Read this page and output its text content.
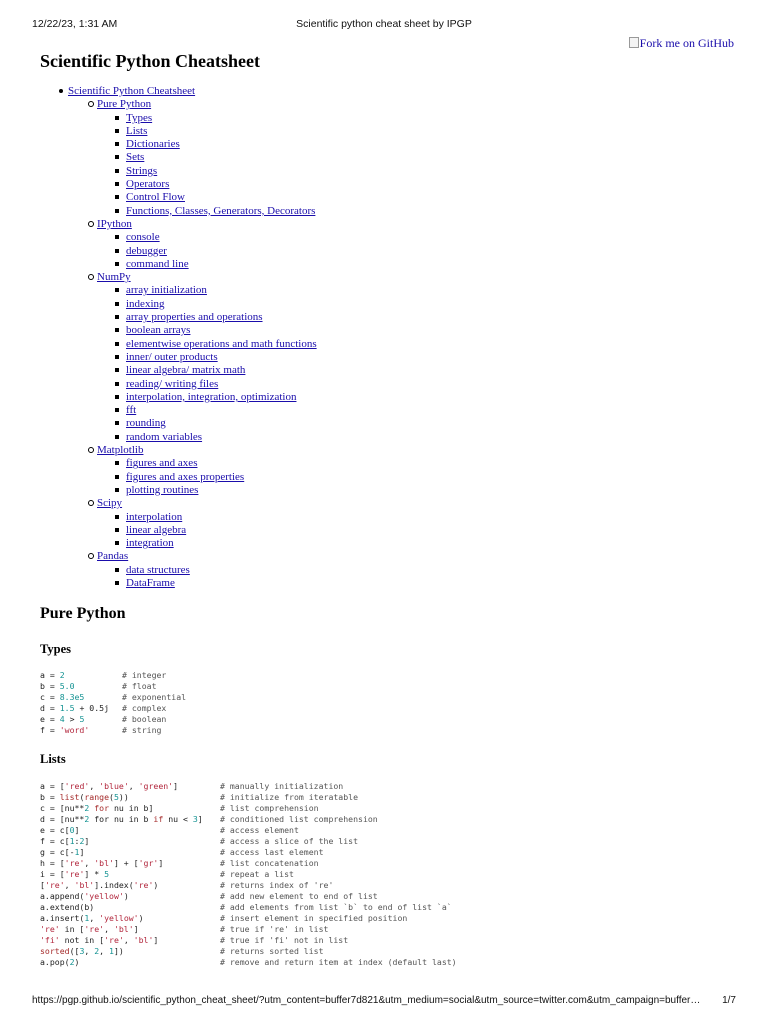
12/22/23, 1:31 AM	Scientific python cheat sheet by IPGP
Fork me on GitHub
Scientific Python Cheatsheet
Scientific Python Cheatsheet
Pure Python
Types
Lists
Dictionaries
Sets
Strings
Operators
Control Flow
Functions, Classes, Generators, Decorators
IPython
console
debugger
command line
NumPy
array initialization
indexing
array properties and operations
boolean arrays
elementwise operations and math functions
inner/ outer products
linear algebra/ matrix math
reading/ writing files
interpolation, integration, optimization
fft
rounding
random variables
Matplotlib
figures and axes
figures and axes properties
plotting routines
Scipy
interpolation
linear algebra
integration
Pandas
data structures
DataFrame
Pure Python
Types
a = 2	# integer
b = 5.0	# float
c = 8.3e5	# exponential
d = 1.5 + 0.5j # complex
e = 4 > 5	# boolean
f = 'word'	# string
Lists
a = ['red', 'blue', 'green']	# manually initialization
b = list(range(5))	# initialize from iteratable
c = [nu**2 for nu in b]	# list comprehension
d = [nu**2 for nu in b if nu < 3] # conditioned list comprehension
e = c[0]	# access element
f = c[1:2]	# access a slice of the list
g = c[-1]	# access last element
h = ['re', 'bl'] + ['gr']	# list concatenation
i = ['re'] * 5	# repeat a list
['re', 'bl'].index('re')	# returns index of 're'
a.append('yellow')	# add new element to end of list
a.extend(b)	# add elements from list `b` to end of list `a`
a.insert(1, 'yellow')	# insert element in specified position
're' in ['re', 'bl']	# true if 're' in list
'fi' not in ['re', 'bl']	# true if 'fi' not in list
sorted([3, 2, 1])	# returns sorted list
a.pop(2)	# remove and return item at index (default last)
https://pgp.github.io/scientific_python_cheat_sheet/?utm_content=buffer7d821&utm_medium=social&utm_source=twitter.com&utm_campaign=buffer…	1/7
